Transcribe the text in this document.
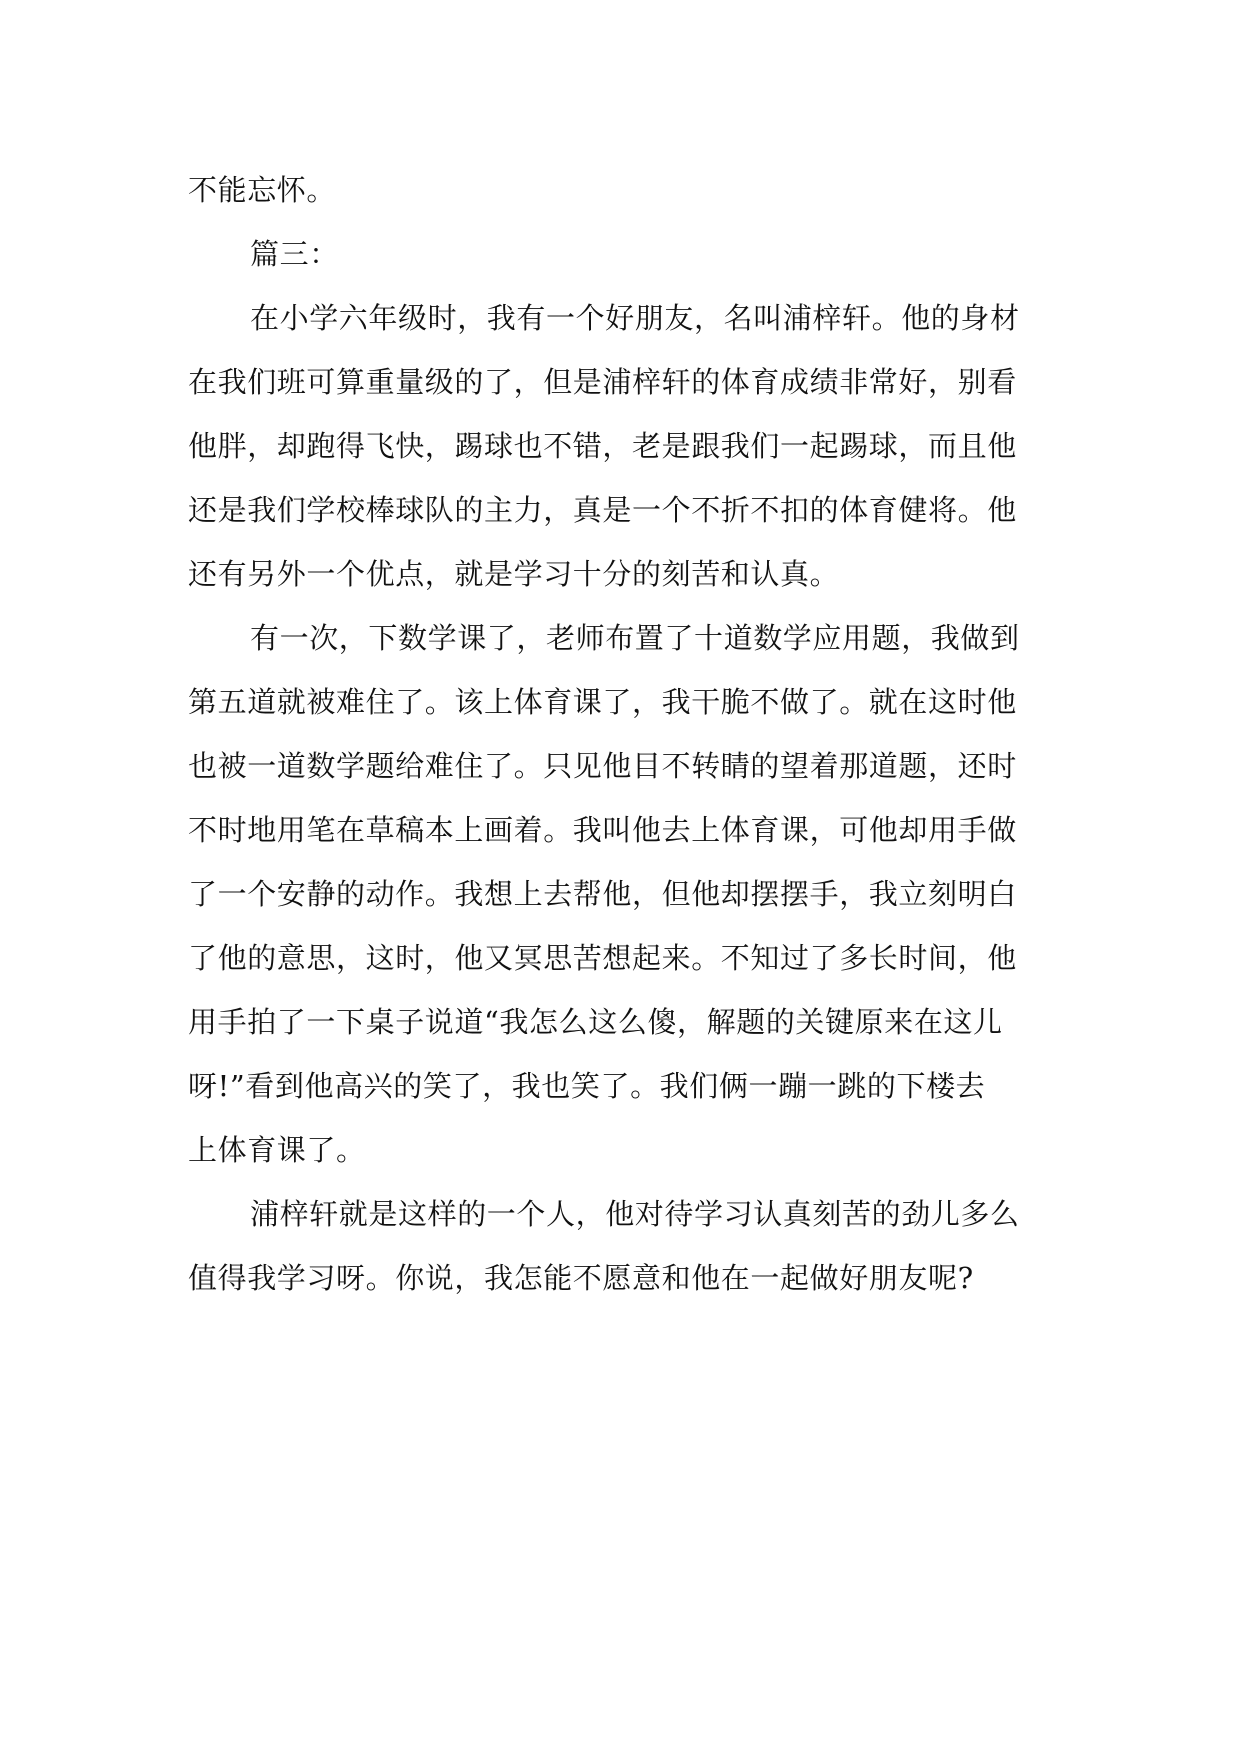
不能忘怀。
篇三：
在小学六年级时，我有一个好朋友，名叫浦梓轩。他的身材
在我们班可算重量级的了，但是浦梓轩的体育成绩非常好，别看
他胖，却跑得飞快，踢球也不错，老是跟我们一起踢球，而且他
还是我们学校棒球队的主力，真是一个不折不扣的体育健将。他
还有另外一个优点，就是学习十分的刻苦和认真。
有一次，下数学课了，老师布置了十道数学应用题，我做到
第五道就被难住了。该上体育课了，我干脆不做了。就在这时他
也被一道数学题给难住了。只见他目不转睛的望着那道题，还时
不时地用笔在草稿本上画着。我叫他去上体育课，可他却用手做
了一个安静的动作。我想上去帮他，但他却摆摆手，我立刻明白
了他的意思，这时，他又冥思苦想起来。不知过了多长时间，他
用手拍了一下桌子说道“我怎么这么傻，解题的关键原来在这儿
呀!”看到他高兴的笑了，我也笑了。我们俩一蹦一跳的下楼去
上体育课了。
浦梓轩就是这样的一个人，他对待学习认真刻苦的劲儿多么
值得我学习呀。你说，我怎能不愿意和他在一起做好朋友呢?
